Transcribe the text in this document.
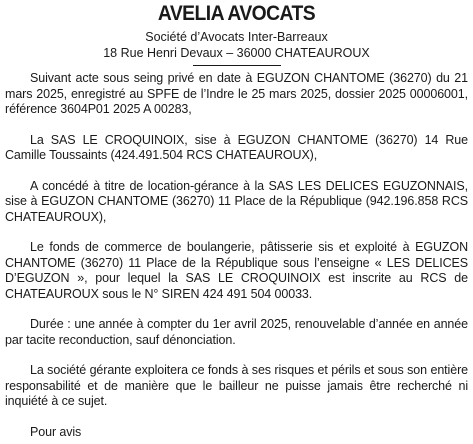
AVELIA AVOCATS

Société d’Avocats Inter-Barreaux

18 Rue Henri Devaux – 36000 CHATEAUROUX

Suivant acte sous seing privé en date à EGUZON CHANTOME (36270) du 21 mars 2025, enregistré au SPFE de l’Indre le 25 mars 2025, dossier 2025 00006001, référence 3604P01 2025 A 00283,

La SAS LE CROQUINOIX, sise à EGUZON CHANTOME (36270) 14 Rue Camille Toussaints (424.491.504 RCS CHATEAUROUX),

A concédé à titre de location-gérance à la SAS LES DELICES EGUZONNAIS, sise à EGUZON CHANTOME (36270) 11 Place de la République (942.196.858 RCS CHATEAUROUX),

Le fonds de commerce de boulangerie, pâtisserie sis et exploité à EGUZON CHANTOME (36270) 11 Place de la République sous l’enseigne « LES DELICES D’EGUZON », pour lequel la SAS LE CROQUINOIX est inscrite au RCS de CHATEAUROUX sous le N° SIREN 424 491 504 00033.

Durée : une année à compter du 1er avril 2025, renouvelable d’année en année par tacite reconduction, sauf dénonciation.

La société gérante exploitera ce fonds à ses risques et périls et sous son entière responsabilité et de manière que le bailleur ne puisse jamais être recherché ni inquiété à ce sujet.

Pour avis
